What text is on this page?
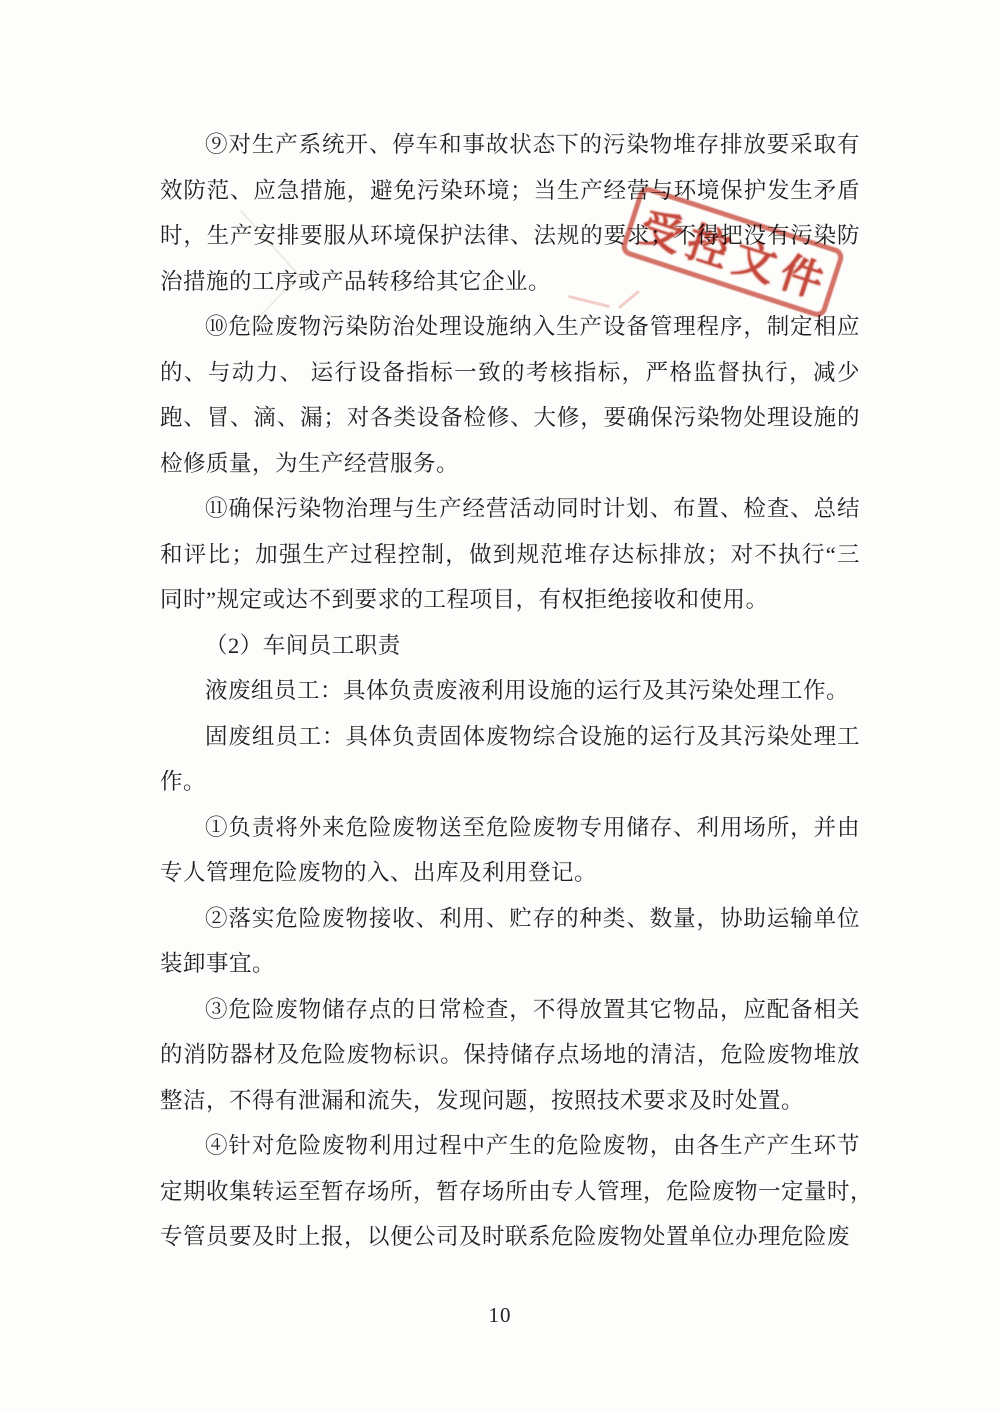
⑨对生产系统开、停车和事故状态下的污染物堆存排放要采取有
效防范、应急措施，避免污染环境；当生产经营与环境保护发生矛盾
时，生产安排要服从环境保护法律、法规的要求；不得把没有污染防
治措施的工序或产品转移给其它企业。
⑩危险废物污染防治处理设施纳入生产设备管理程序，制定相应
的、与动力、 运行设备指标一致的考核指标，严格监督执行，减少
跑、冒、滴、漏；对各类设备检修、大修，要确保污染物处理设施的
检修质量，为生产经营服务。
⑪确保污染物治理与生产经营活动同时计划、布置、检查、总结
和评比；加强生产过程控制，做到规范堆存达标排放；对不执行“三
同时”规定或达不到要求的工程项目，有权拒绝接收和使用。
（2）车间员工职责
液废组员工：具体负责废液利用设施的运行及其污染处理工作。
固废组员工：具体负责固体废物综合设施的运行及其污染处理工
作。
①负责将外来危险废物送至危险废物专用储存、利用场所，并由
专人管理危险废物的入、出库及利用登记。
②落实危险废物接收、利用、贮存的种类、数量，协助运输单位
装卸事宜。
③危险废物储存点的日常检查，不得放置其它物品，应配备相关
的消防器材及危险废物标识。保持储存点场地的清洁，危险废物堆放
整洁，不得有泄漏和流失，发现问题，按照技术要求及时处置。
④针对危险废物利用过程中产生的危险废物，由各生产产生环节
定期收集转运至暂存场所，暂存场所由专人管理，危险废物一定量时，
专管员要及时上报，以便公司及时联系危险废物处置单位办理危险废
受控文件
10
